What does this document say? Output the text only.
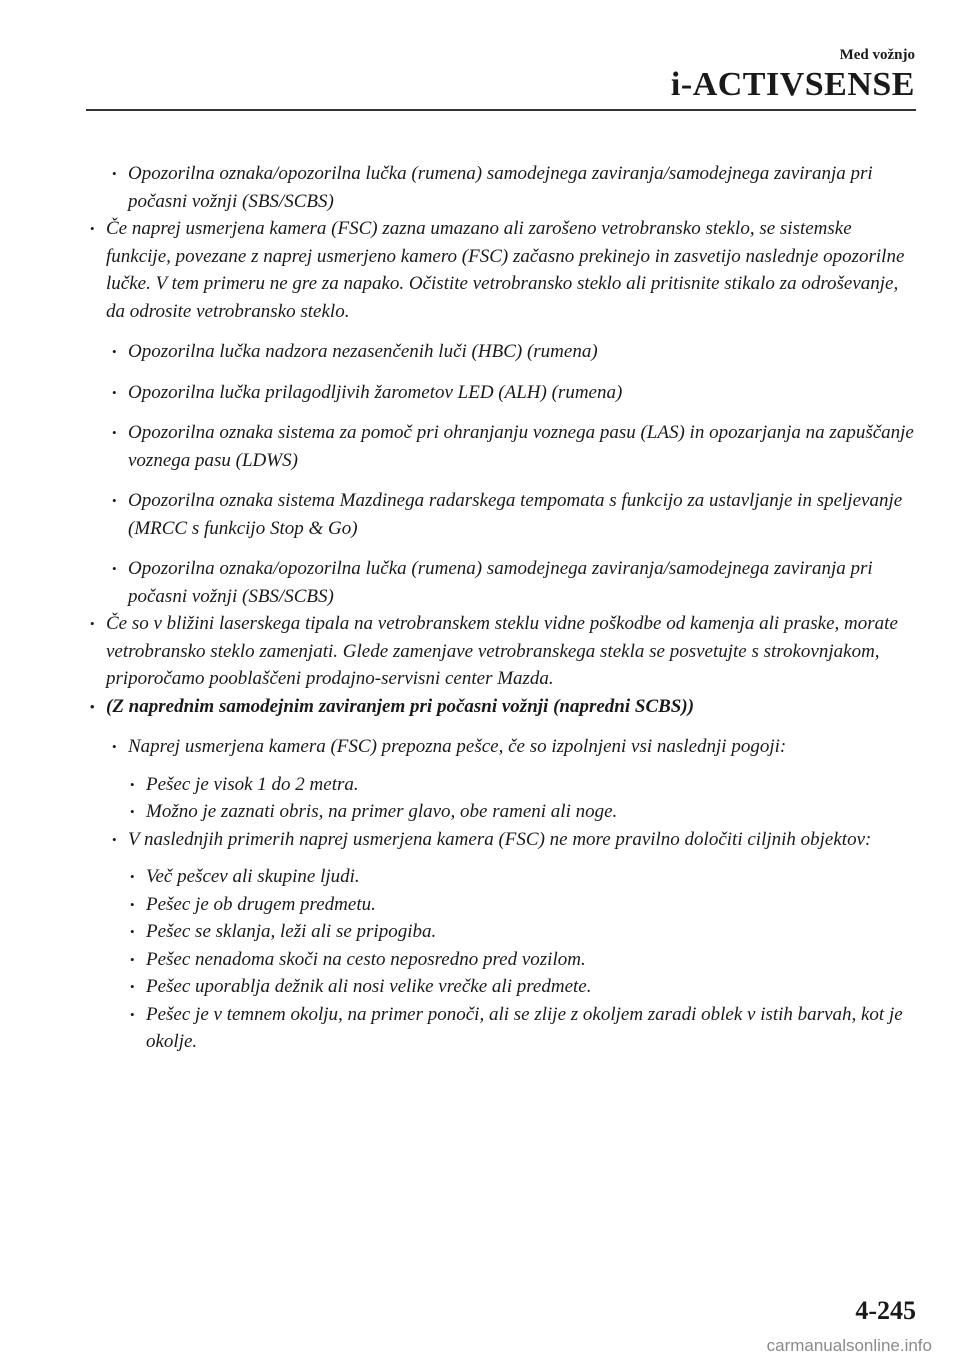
Med vožnjo
i-ACTIVSENSE
• Opozorilna oznaka/opozorilna lučka (rumena) samodejnega zaviranja/samodejnega zaviranja pri počasni vožnji (SBS/SCBS)
• Če naprej usmerjena kamera (FSC) zazna umazano ali zarošeno vetrobransko steklo, se sistemske funkcije, povezane z naprej usmerjeno kamero (FSC) začasno prekinejo in zasvetijo naslednje opozorilne lučke. V tem primeru ne gre za napako. Očistite vetrobransko steklo ali pritisnite stikalo za odroševanje, da odrosite vetrobransko steklo.
• Opozorilna lučka nadzora nezasenčenih luči (HBC) (rumena)
• Opozorilna lučka prilagodljivih žarometov LED (ALH) (rumena)
• Opozorilna oznaka sistema za pomoč pri ohranjanju voznega pasu (LAS) in opozarjanja na zapuščanje voznega pasu (LDWS)
• Opozorilna oznaka sistema Mazdinega radarskega tempomata s funkcijo za ustavljanje in speljevanje (MRCC s funkcijo Stop & Go)
• Opozorilna oznaka/opozorilna lučka (rumena) samodejnega zaviranja/samodejnega zaviranja pri počasni vožnji (SBS/SCBS)
• Če so v bližini laserskega tipala na vetrobranskem steklu vidne poškodbe od kamenja ali praske, morate vetrobransko steklo zamenjati. Glede zamenjave vetrobranskega stekla se posvetujte s strokovnjakom, priporočamo pooblaščeni prodajno-servisni center Mazda.
• (Z naprednim samodejnim zaviranjem pri počasni vožnji (napredni SCBS))
• Naprej usmerjena kamera (FSC) prepozna pešce, če so izpolnjeni vsi naslednji pogoji:
• Pešec je visok 1 do 2 metra.
• Možno je zaznati obris, na primer glavo, obe rameni ali noge.
• V naslednjih primerih naprej usmerjena kamera (FSC) ne more pravilno določiti ciljnih objektov:
• Več pešcev ali skupine ljudi.
• Pešec je ob drugem predmetu.
• Pešec se sklanja, leži ali se pripogiba.
• Pešec nenadoma skoči na cesto neposredno pred vozilom.
• Pešec uporablja dežnik ali nosi velike vrečke ali predmete.
• Pešec je v temnem okolju, na primer ponoči, ali se zlije z okoljem zaradi oblek v istih barvah, kot je okolje.
4-245
carmanualsonline.info
